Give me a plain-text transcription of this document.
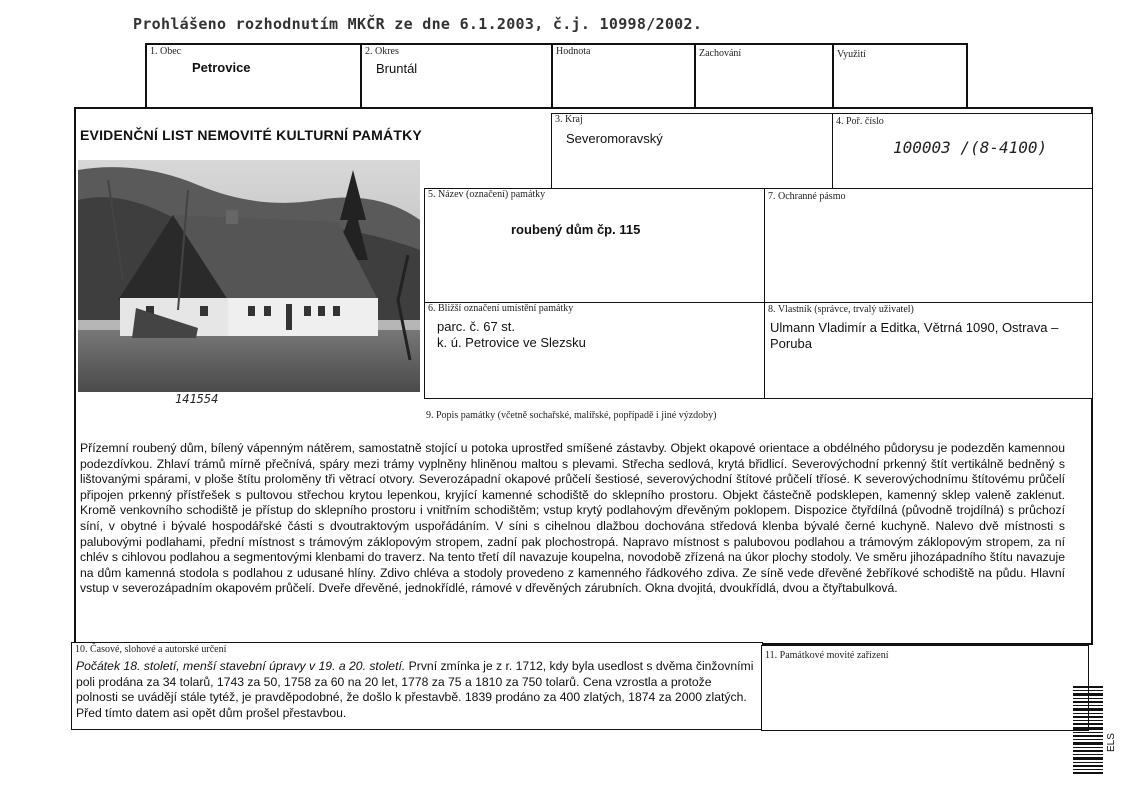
Prohlášeno rozhodnutím MKČR ze dne 6.1.2003, č.j. 10998/2002.
1. Obec
Petrovice
2. Okres
Bruntál
Hodnota	Zachování	Využití
EVIDENČNÍ LIST NEMOVITÉ KULTURNÍ PAMÁTKY
3. Kraj
Severomoravský
4. Poř. číslo
100003 /(8-4100)
141554
5. Název (označení) památky
roubený dům čp. 115
7. Ochranné pásmo
6. Bližší označení umístění památky
parc. č. 67 st.
k. ú. Petrovice ve Slezsku
8. Vlastník (správce, trvalý uživatel)
Ulmann Vladimír a Editka, Větrná 1090, Ostrava –
Poruba
9. Popis památky (včetně sochařské, malířské, popřípadě i jiné výzdoby)
Přízemní roubený dům, bílený vápenným nátěrem, samostatně stojící u potoka uprostřed smíšené zástavby. Objekt okapové orientace a obdélného půdorysu je podezděn kamennou podezdívkou. Zhlaví trámů mírně přečnívá, spáry mezi trámy vyplněny hliněnou maltou s plevami. Střecha sedlová, krytá břidlicí. Severovýchodní prkenný štít vertikálně bedněný s lištovanými spárami, v ploše štítu proloměny tři větrací otvory. Severozápadní okapové průčelí šestiosé, severovýchodní štítové průčelí tříosé. K severovýchodnímu štítovému průčelí připojen prkenný přístřešek s pultovou střechou krytou lepenkou, kryjící kamenné schodiště do sklepního prostoru. Objekt částečně podsklepen, kamenný sklep valeně zaklenut. Kromě venkovního schodiště je přístup do sklepního prostoru i vnitřním schodištěm; vstup krytý podlahovým dřevěným poklopem. Dispozice čtyřdílná (původně trojdílná) s průchozí síní, v obytné i bývalé hospodářské části s dvoutraktovým uspořádáním. V síni s cihelnou dlažbou dochována středová klenba bývalé černé kuchyně. Nalevo dvě místnosti s palubovými podlahami, přední místnost s trámovým záklopovým stropem, zadní pak plochostropá. Napravo místnost s palubovou podlahou a trámovým záklopovým stropem, za ní chlév s cihlovou podlahou a segmentovými klenbami do traverz. Na tento třetí díl navazuje koupelna, novodobě zřízená na úkor plochy stodoly. Ve směru jihozápadního štítu navazuje na dům kamenná stodola s podlahou z udusané hlíny. Zdivo chléva a stodoly provedeno z kamenného řádkového zdiva. Ze síně vede dřevěné žebříkové schodiště na půdu. Hlavní vstup v severozápadním okapovém průčelí. Dveře dřevěné, jednokřídlé, rámové v dřevěných zárubních. Okna dvojitá, dvoukřídlá, dvou a čtyřtabulková.
10. Časové, slohové a autorské určení
Počátek 18. století, menší stavební úpravy v 19. a 20. století. První zmínka je z r. 1712, kdy byla usedlost s dvěma činžovními poli prodána za 34 tolarů, 1743 za 50, 1758 za 60 na 20 let, 1778 za 75 a 1810 za 750 tolarů. Cena vzrostla a protože polnosti se uvádějí stále tytéž, je pravděpodobné, že došlo k přestavbě. 1839 prodáno za 400 zlatých, 1874 za 2000 zlatých. Před tímto datem asi opět dům prošel přestavbou.
11. Památkové movité zařízení
ELS
